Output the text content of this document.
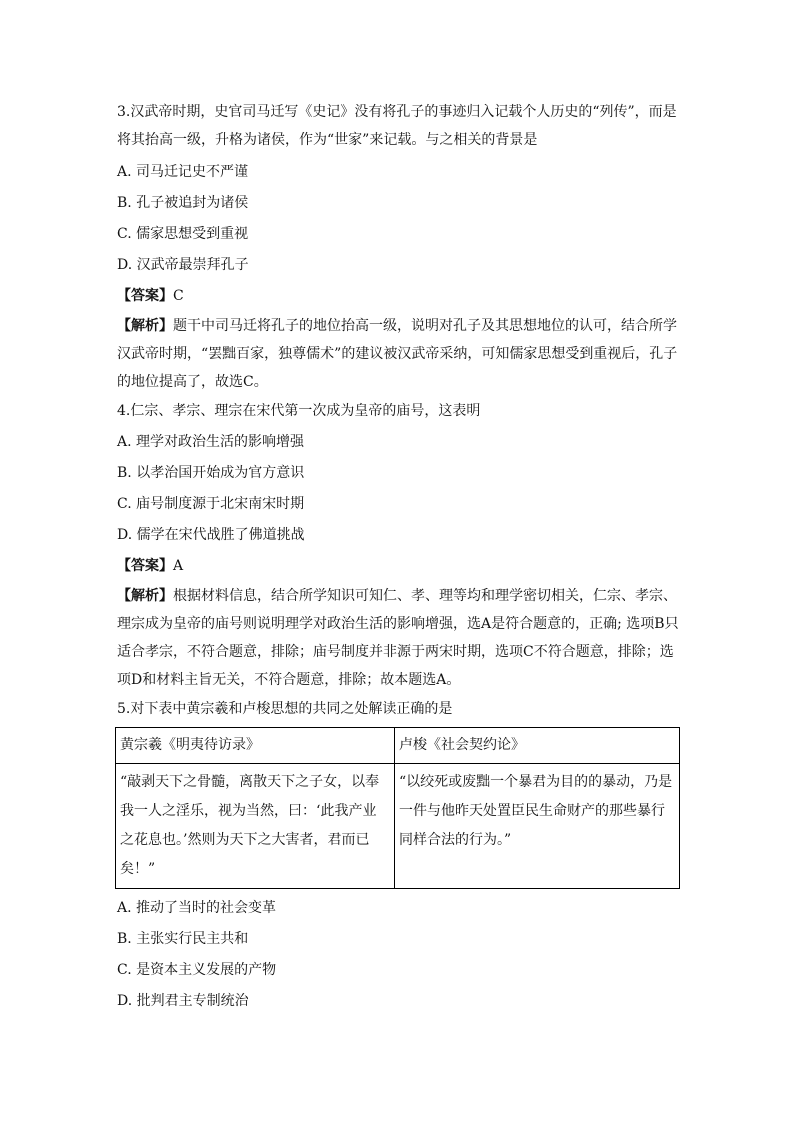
3.汉武帝时期，史官司马迁写《史记》没有将孔子的事迹归入记载个人历史的“列传”，而是将其抬高一级，升格为诸侯，作为“世家”来记载。与之相关的背景是

A. 司马迁记史不严谨

B. 孔子被追封为诸侯

C. 儒家思想受到重视

D. 汉武帝最崇拜孔子

【答案】C

【解析】题干中司马迁将孔子的地位抬高一级，说明对孔子及其思想地位的认可，结合所学汉武帝时期，“罢黜百家，独尊儒术”的建议被汉武帝采纳，可知儒家思想受到重视后，孔子的地位提高了，故选C。

4.仁宗、孝宗、理宗在宋代第一次成为皇帝的庙号，这表明

A. 理学对政治生活的影响增强

B. 以孝治国开始成为官方意识

C. 庙号制度源于北宋南宋时期

D. 儒学在宋代战胜了佛道挑战

【答案】A

【解析】根据材料信息，结合所学知识可知仁、孝、理等均和理学密切相关，仁宗、孝宗、理宗成为皇帝的庙号则说明理学对政治生活的影响增强，选A是符合题意的，正确; 选项B只适合孝宗，不符合题意，排除；庙号制度并非源于两宋时期，选项C不符合题意，排除；选项D和材料主旨无关，不符合题意，排除；故本题选A。

5.对下表中黄宗羲和卢梭思想的共同之处解读正确的是

黄宗羲《明夷待访录》	卢梭《社会契约论》
“敲剥天下之骨髓，离散天下之子女，以奉我一人之淫乐，视为当然，曰：‘此我产业之花息也。’然则为天下之大害者，君而已矣！”	“以绞死或废黜一个暴君为目的的暴动，乃是一件与他昨天处置臣民生命财产的那些暴行同样合法的行为。”

A. 推动了当时的社会变革

B. 主张实行民主共和

C. 是资本主义发展的产物

D. 批判君主专制统治
